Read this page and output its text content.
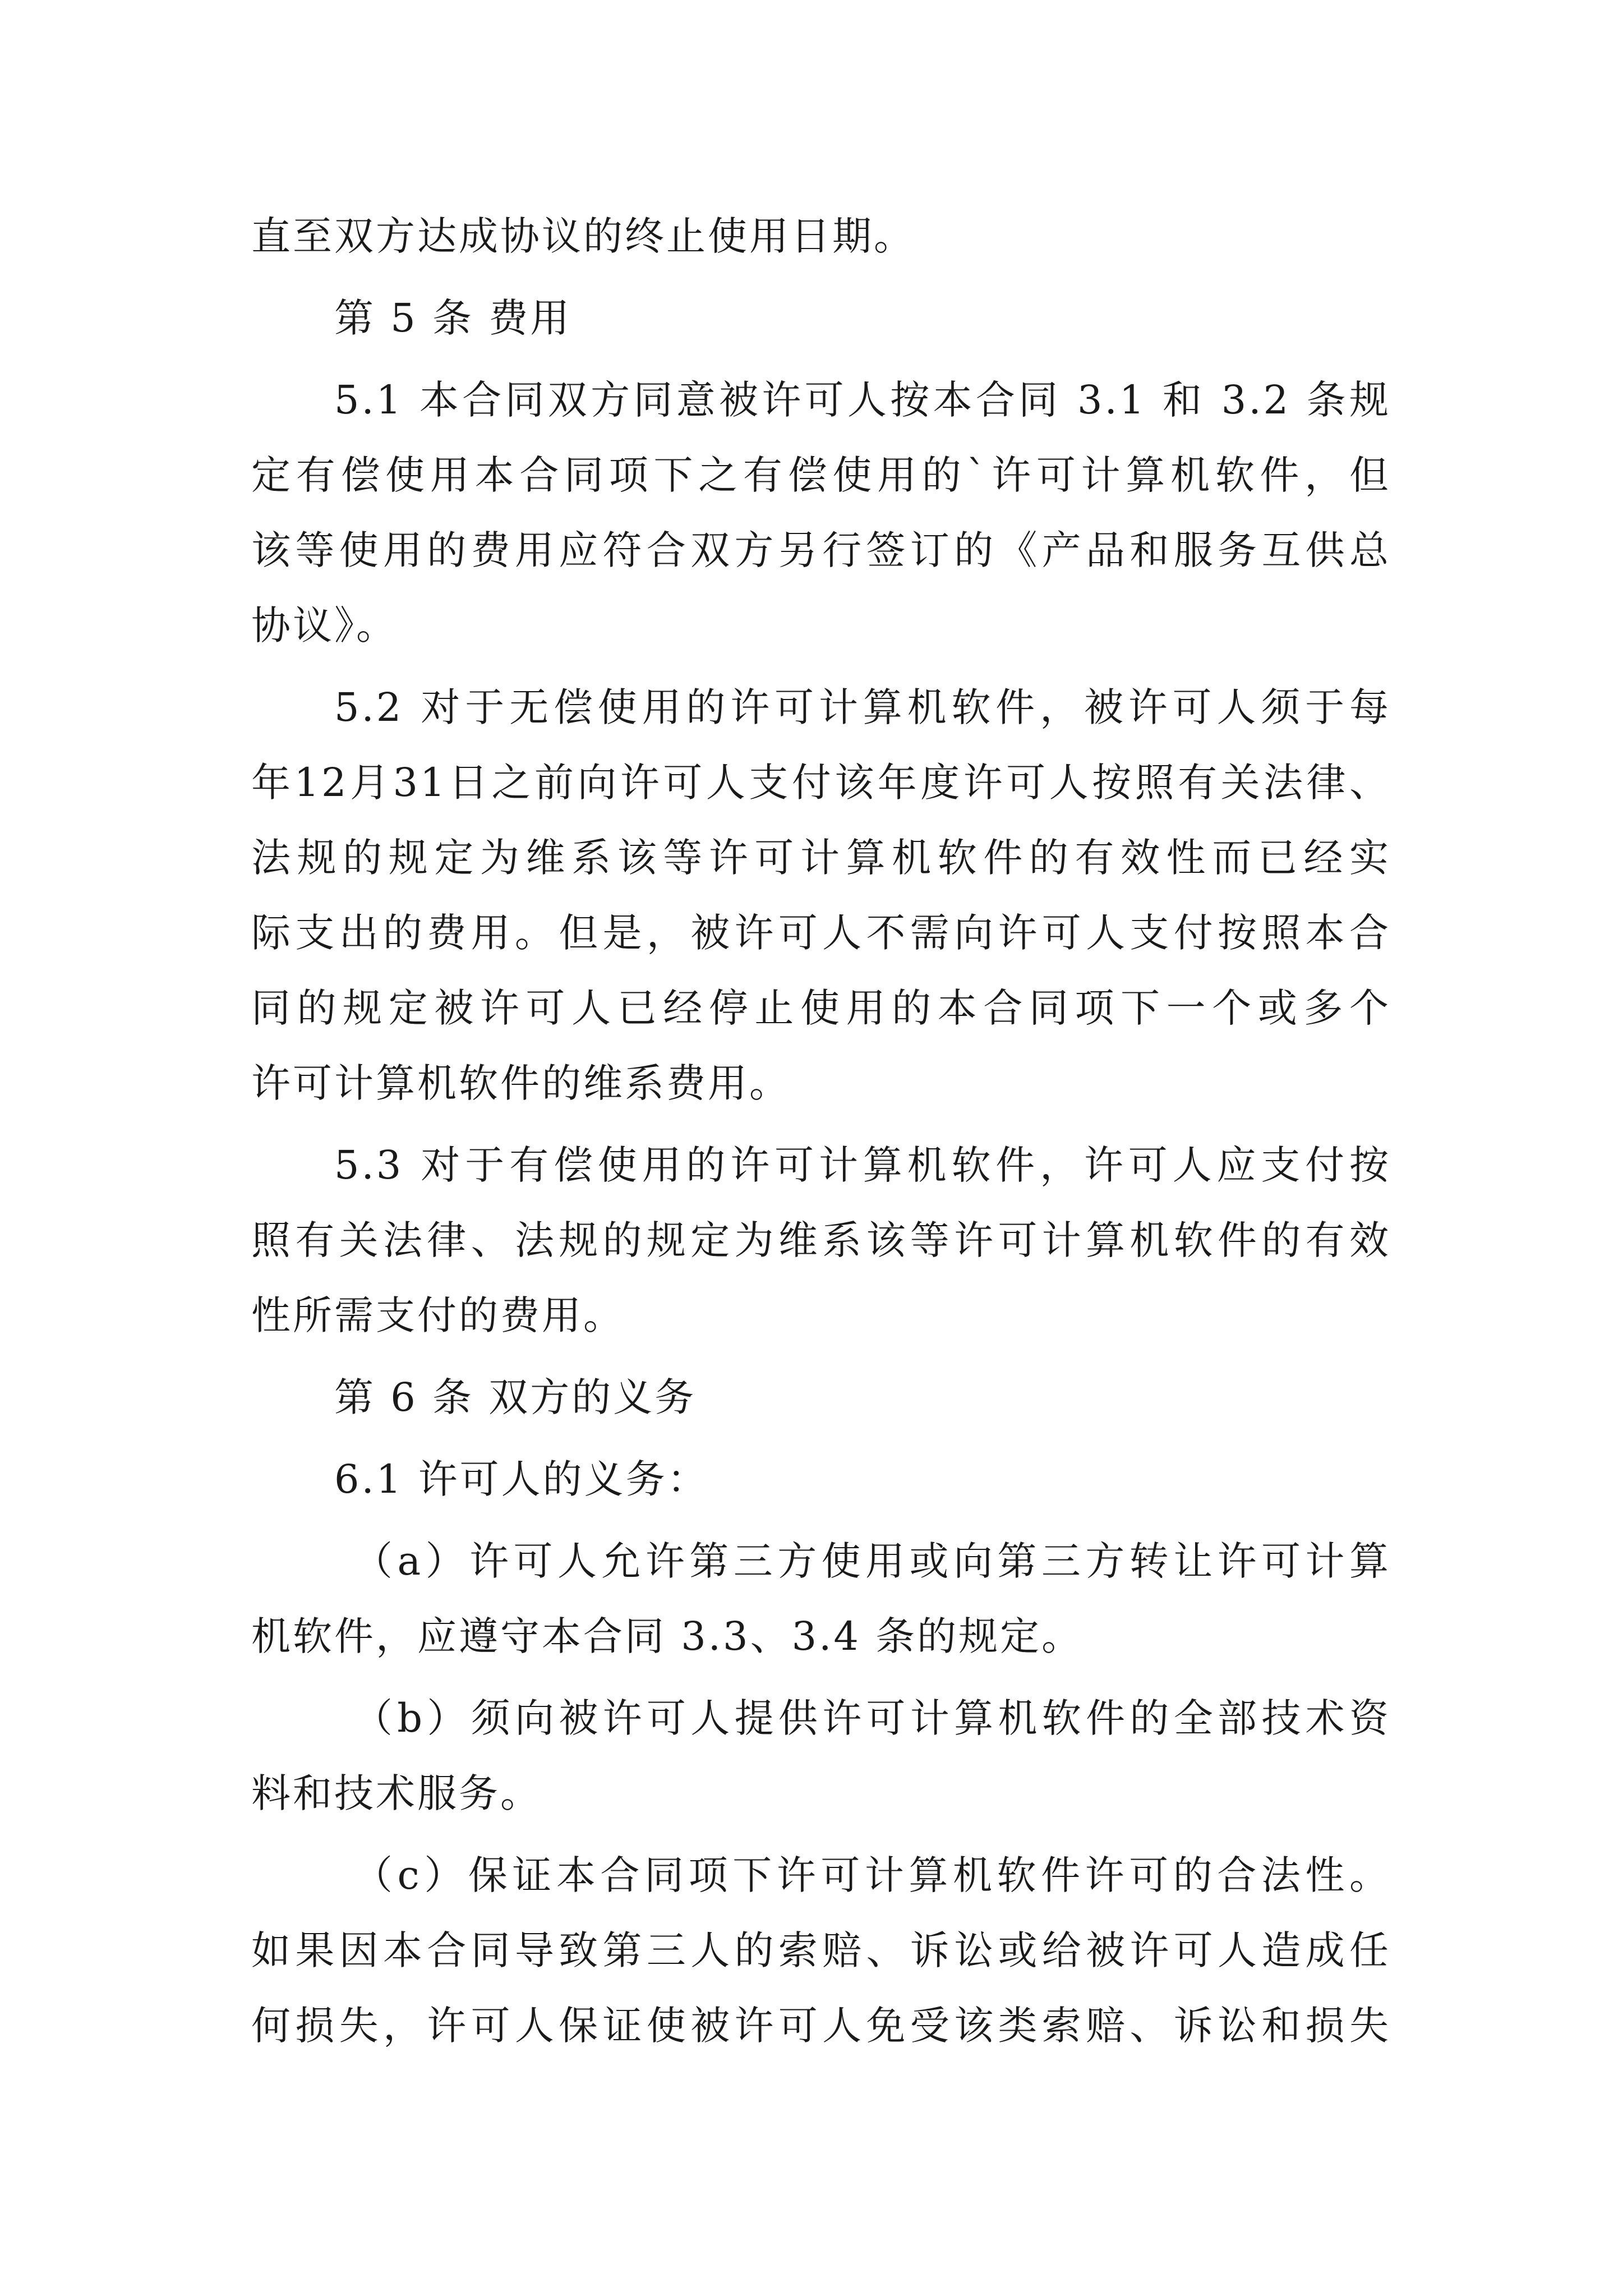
直至双方达成协议的终止使用日期。
第 5 条 费用
5.1 本合同双方同意被许可人按本合同 3.1 和 3.2 条规
定有偿使用本合同项下之有偿使用的`许可计算机软件，但
该等使用的费用应符合双方另行签订的《产品和服务互供总
协议》。
5.2 对于无偿使用的许可计算机软件，被许可人须于每
年12月31日之前向许可人支付该年度许可人按照有关法律、
法规的规定为维系该等许可计算机软件的有效性而已经实
际支出的费用。但是，被许可人不需向许可人支付按照本合
同的规定被许可人已经停止使用的本合同项下一个或多个
许可计算机软件的维系费用。
5.3 对于有偿使用的许可计算机软件，许可人应支付按
照有关法律、法规的规定为维系该等许可计算机软件的有效
性所需支付的费用。
第 6 条 双方的义务
6.1 许可人的义务：
（a）许可人允许第三方使用或向第三方转让许可计算
机软件，应遵守本合同 3.3、3.4 条的规定。
（b）须向被许可人提供许可计算机软件的全部技术资
料和技术服务。
（c）保证本合同项下许可计算机软件许可的合法性。
如果因本合同导致第三人的索赔、诉讼或给被许可人造成任
何损失，许可人保证使被许可人免受该类索赔、诉讼和损失
